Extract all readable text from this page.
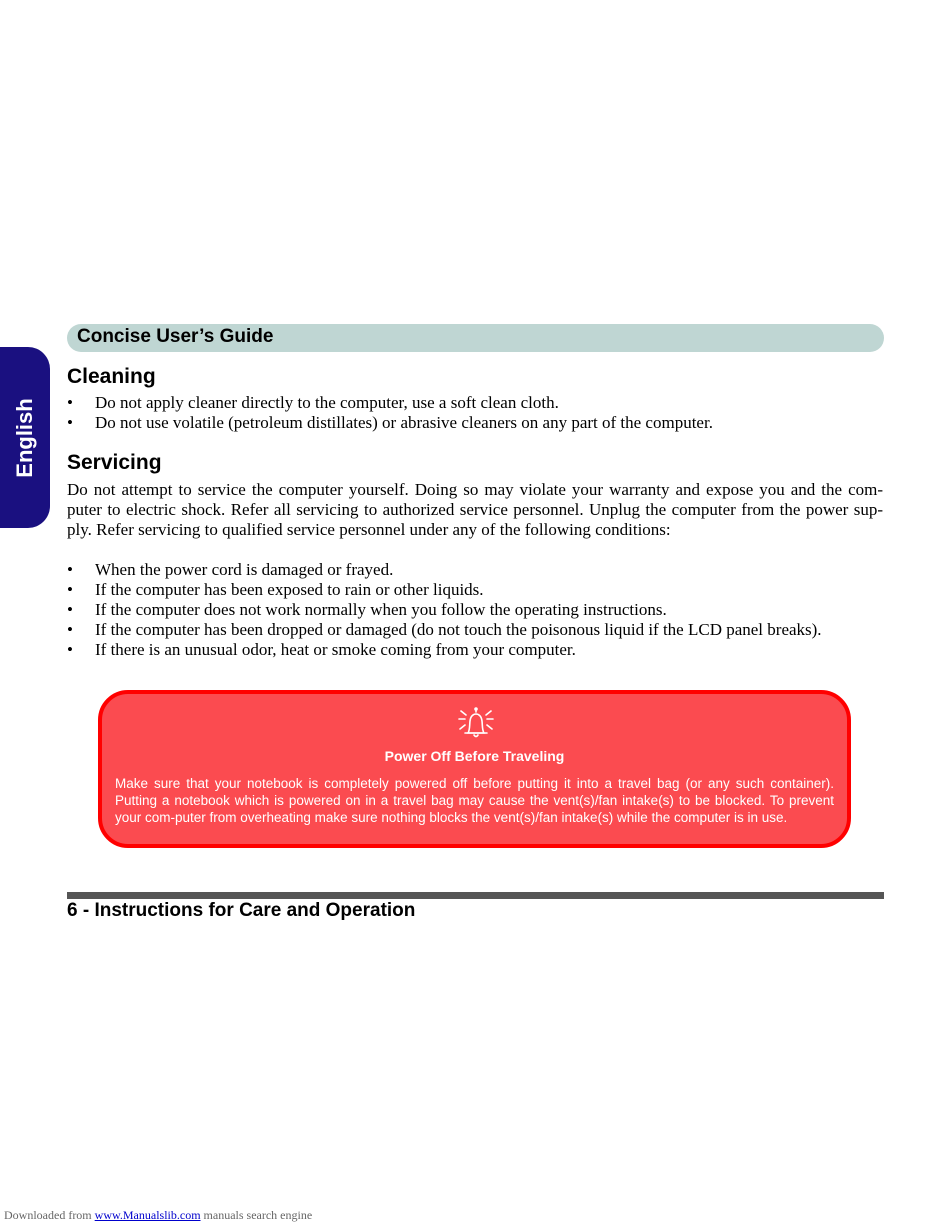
English
Concise User’s Guide
Cleaning
• Do not apply cleaner directly to the computer, use a soft clean cloth.
• Do not use volatile (petroleum distillates) or abrasive cleaners on any part of the computer.
Servicing

Do not attempt to service the computer yourself. Doing so may violate your warranty and expose you and the com-puter to electric shock. Refer all servicing to authorized service personnel. Unplug the computer from the power sup-ply. Refer servicing to qualified service personnel under any of the following conditions:

• When the power cord is damaged or frayed.
• If the computer has been exposed to rain or other liquids.
• If the computer does not work normally when you follow the operating instructions.
• If the computer has been dropped or damaged (do not touch the poisonous liquid if the LCD panel breaks).
• If there is an unusual odor, heat or smoke coming from your computer.
Power Off Before Traveling

Make sure that your notebook is completely powered off before putting it into a travel bag (or any such container). Putting a notebook which is powered on in a travel bag may cause the vent(s)/fan intake(s) to be blocked. To prevent your com-puter from overheating make sure nothing blocks the vent(s)/fan intake(s) while the computer is in use.

6 - Instructions for Care and Operation
Downloaded from www.Manualslib.com manuals search engine
